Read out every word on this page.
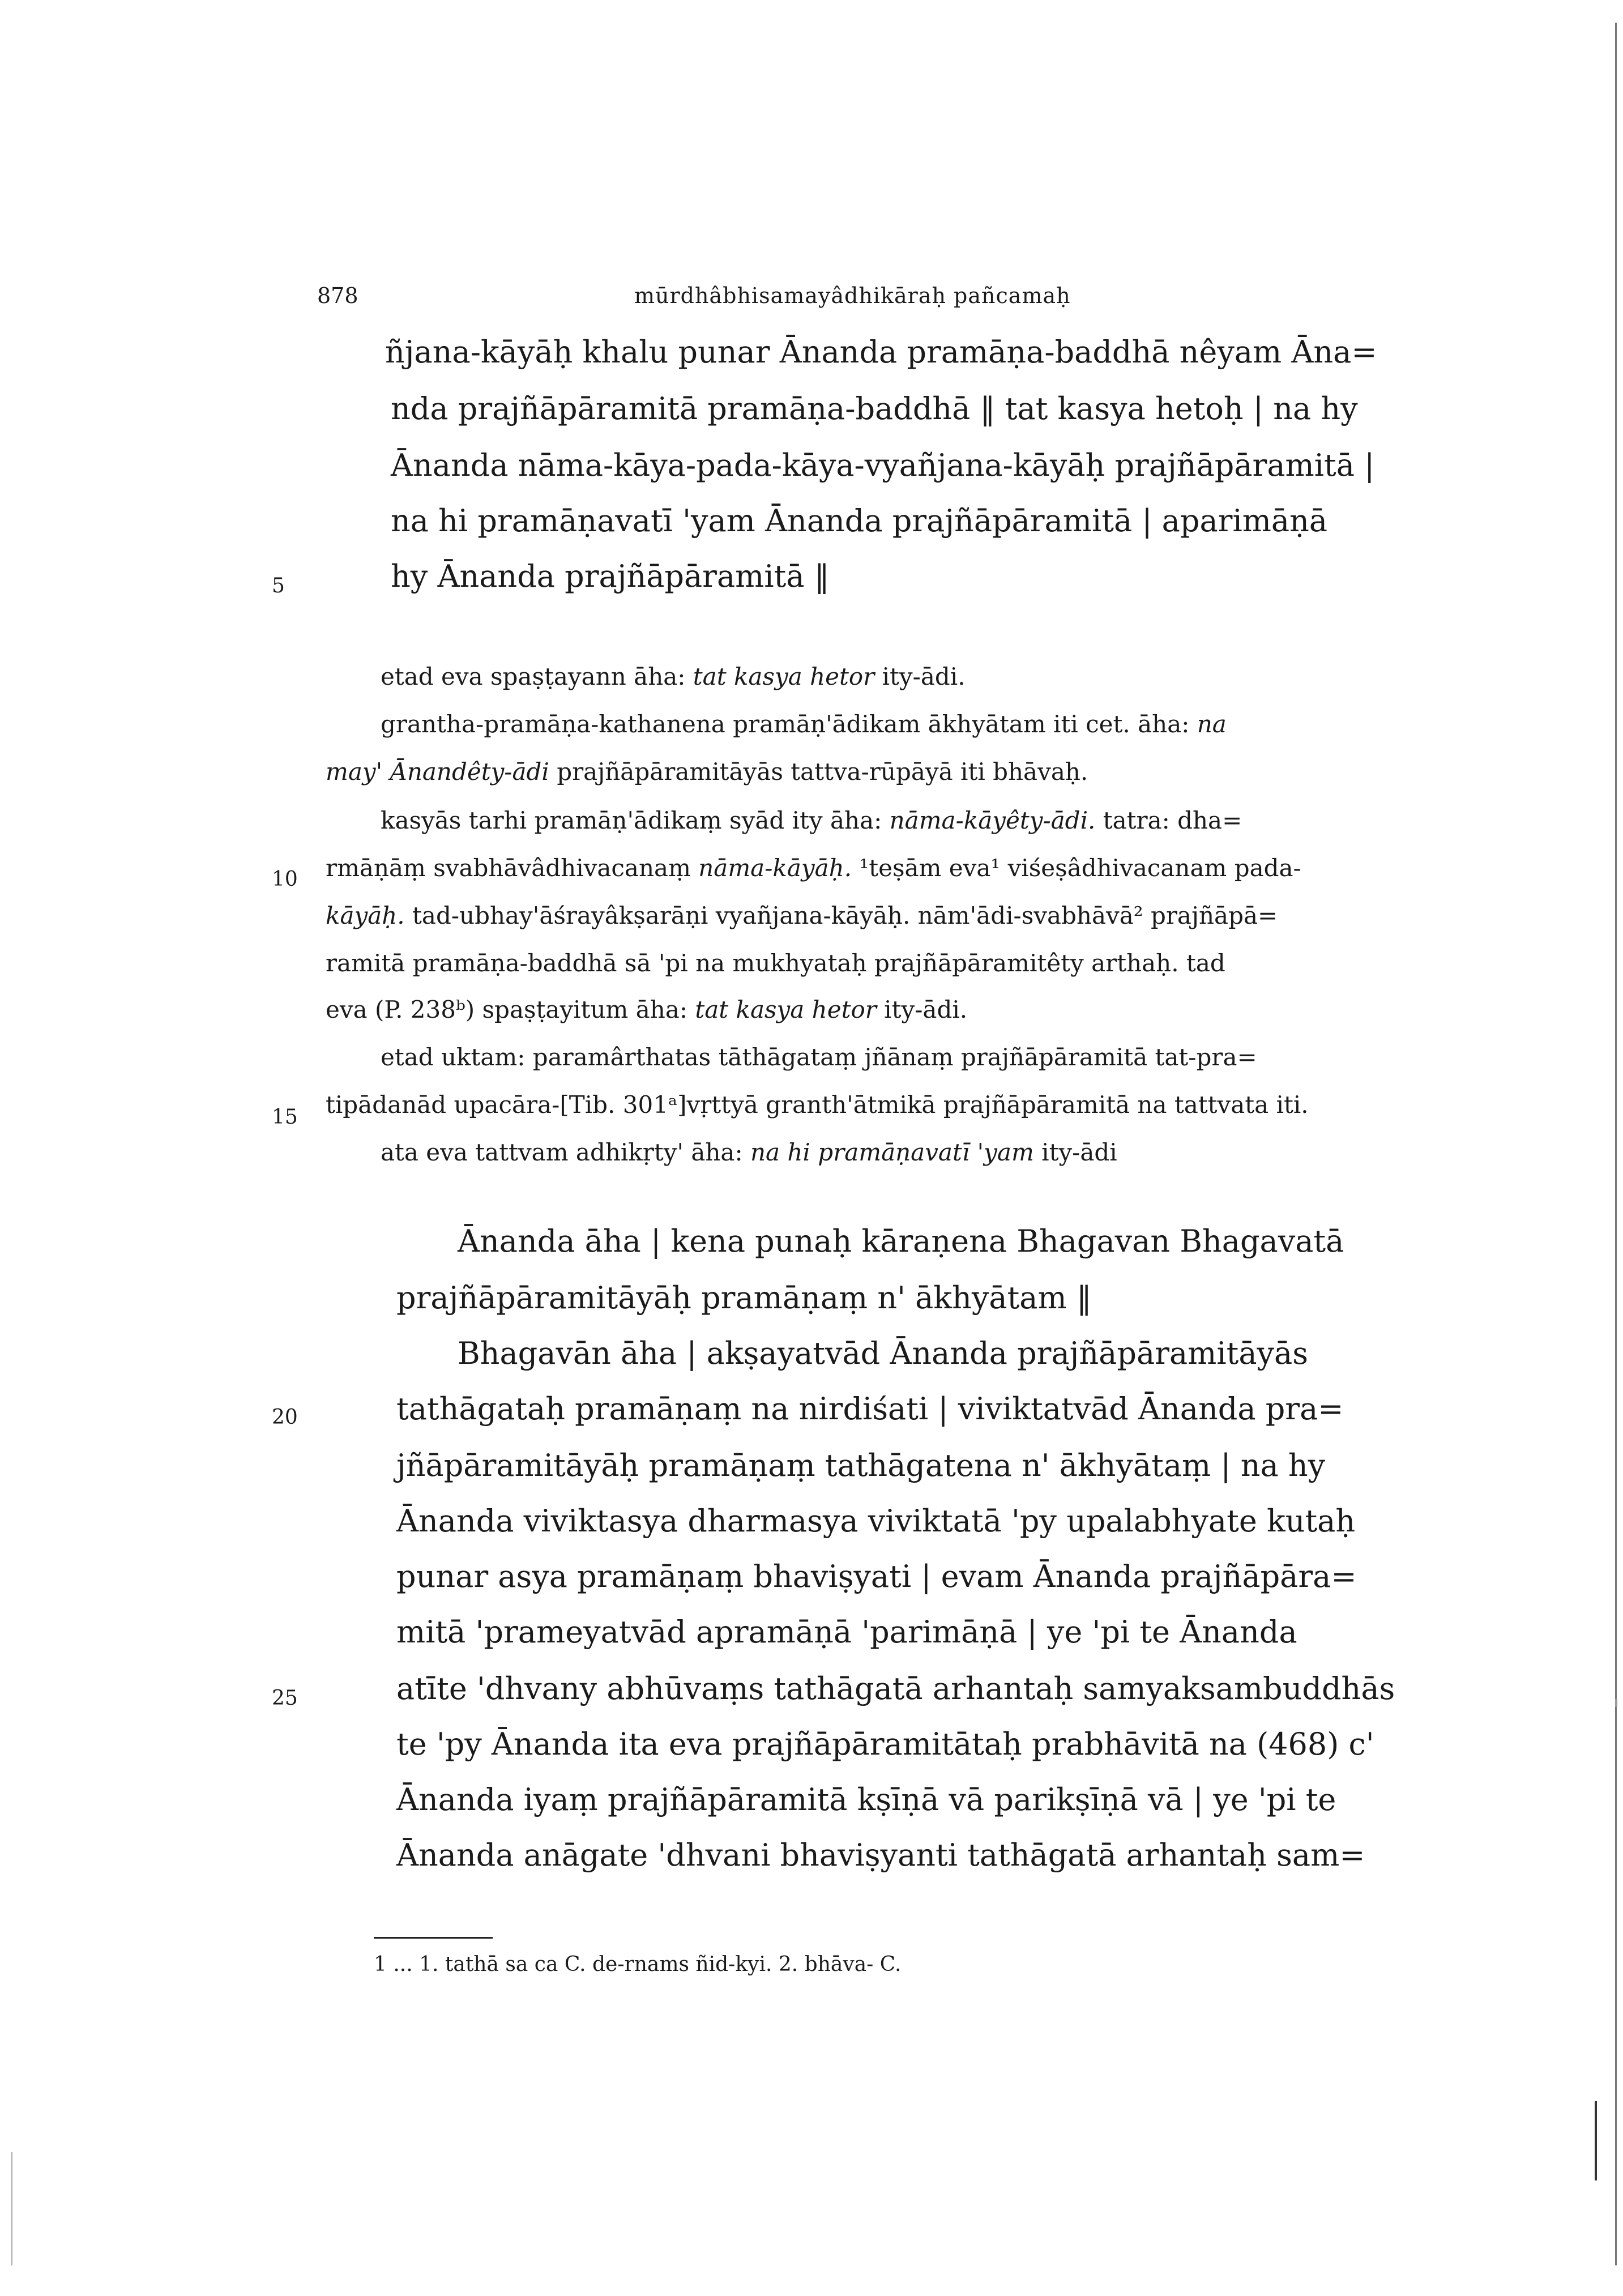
878	mūrdhâbhisamayâdhikāraḥ pañcamaḥ
ñjana-kāyāḥ khalu punar Ānanda pramāṇa-baddhā nêyam Āna=
nda prajñāpāramitā pramāṇa-baddhā ‖ tat kasya hetoḥ | na hy
Ānanda nāma-kāya-pada-kāya-vyañjana-kāyāḥ prajñāpāramitā |
na hi pramāṇavatī 'yam Ānanda prajñāpāramitā | aparimāṇā
hy Ānanda prajñāpāramitā ‖
etad eva spaṣṭayann āha: tat kasya hetor ity-ādi.
grantha-pramāṇa-kathanena pramāṇ'ādikam ākhyātam iti cet. āha: na
may' Ānandêty-ādi prajñāpāramitāyās tattva-rūpāyā iti bhāvaḥ.
kasyās tarhi pramāṇ'ādikaṃ syād ity āha: nāma-kāyêty-ādi. tatra: dha=
rmāṇāṃ svabhāvâdhivacanaṃ nāma-kāyāḥ. ¹teṣām eva¹ viśeṣâdhivacanam pada-
kāyāḥ. tad-ubhay'āśrayâkṣarāṇi vyañjana-kāyāḥ. nām'ādi-svabhāvā² prajñāpā=
ramitā pramāṇa-baddhā sā 'pi na mukhyataḥ prajñāpāramitêty arthaḥ. tad
eva (P. 238ᵇ) spaṣṭayitum āha: tat kasya hetor ity-ādi.
etad uktam: paramârthatas tāthāgataṃ jñānaṃ prajñāpāramitā tat-pra=
tipādanād upacāra-[Tib. 301ᵃ]vṛttyā granth'ātmikā prajñāpāramitā na tattvata iti.
ata eva tattvam adhikṛty' āha: na hi pramāṇavatī 'yam ity-ādi
Ānanda āha | kena punaḥ kāraṇena Bhagavan Bhagavatā
prajñāpāramitāyāḥ pramāṇaṃ n' ākhyātam ‖
Bhagavān āha | akṣayatvād Ānanda prajñāpāramitāyās
tathāgataḥ pramāṇaṃ na nirdiśati | viviktatvād Ānanda pra=
jñāpāramitāyāḥ pramāṇaṃ tathāgatena n' ākhyātaṃ | na hy
Ānanda viviktasya dharmasya viviktatā 'py upalabhyate kutaḥ
punar asya pramāṇaṃ bhaviṣyati | evam Ānanda prajñāpāra=
mitā 'prameyatvād apramāṇā 'parimāṇā | ye 'pi te Ānanda
atīte 'dhvany abhūvaṃs tathāgatā arhantaḥ samyaksambuddhās
te 'py Ānanda ita eva prajñāpāramitātaḥ prabhāvitā na (468) c'
Ānanda iyaṃ prajñāpāramitā kṣīṇā vā parikṣīṇā vā | ye 'pi te
Ānanda anāgate 'dhvani bhaviṣyanti tathāgatā arhantaḥ sam=
5
10
15
20
25
1 ... 1. tathā sa ca C. de-rnams ñid-kyi. 2. bhāva- C.
